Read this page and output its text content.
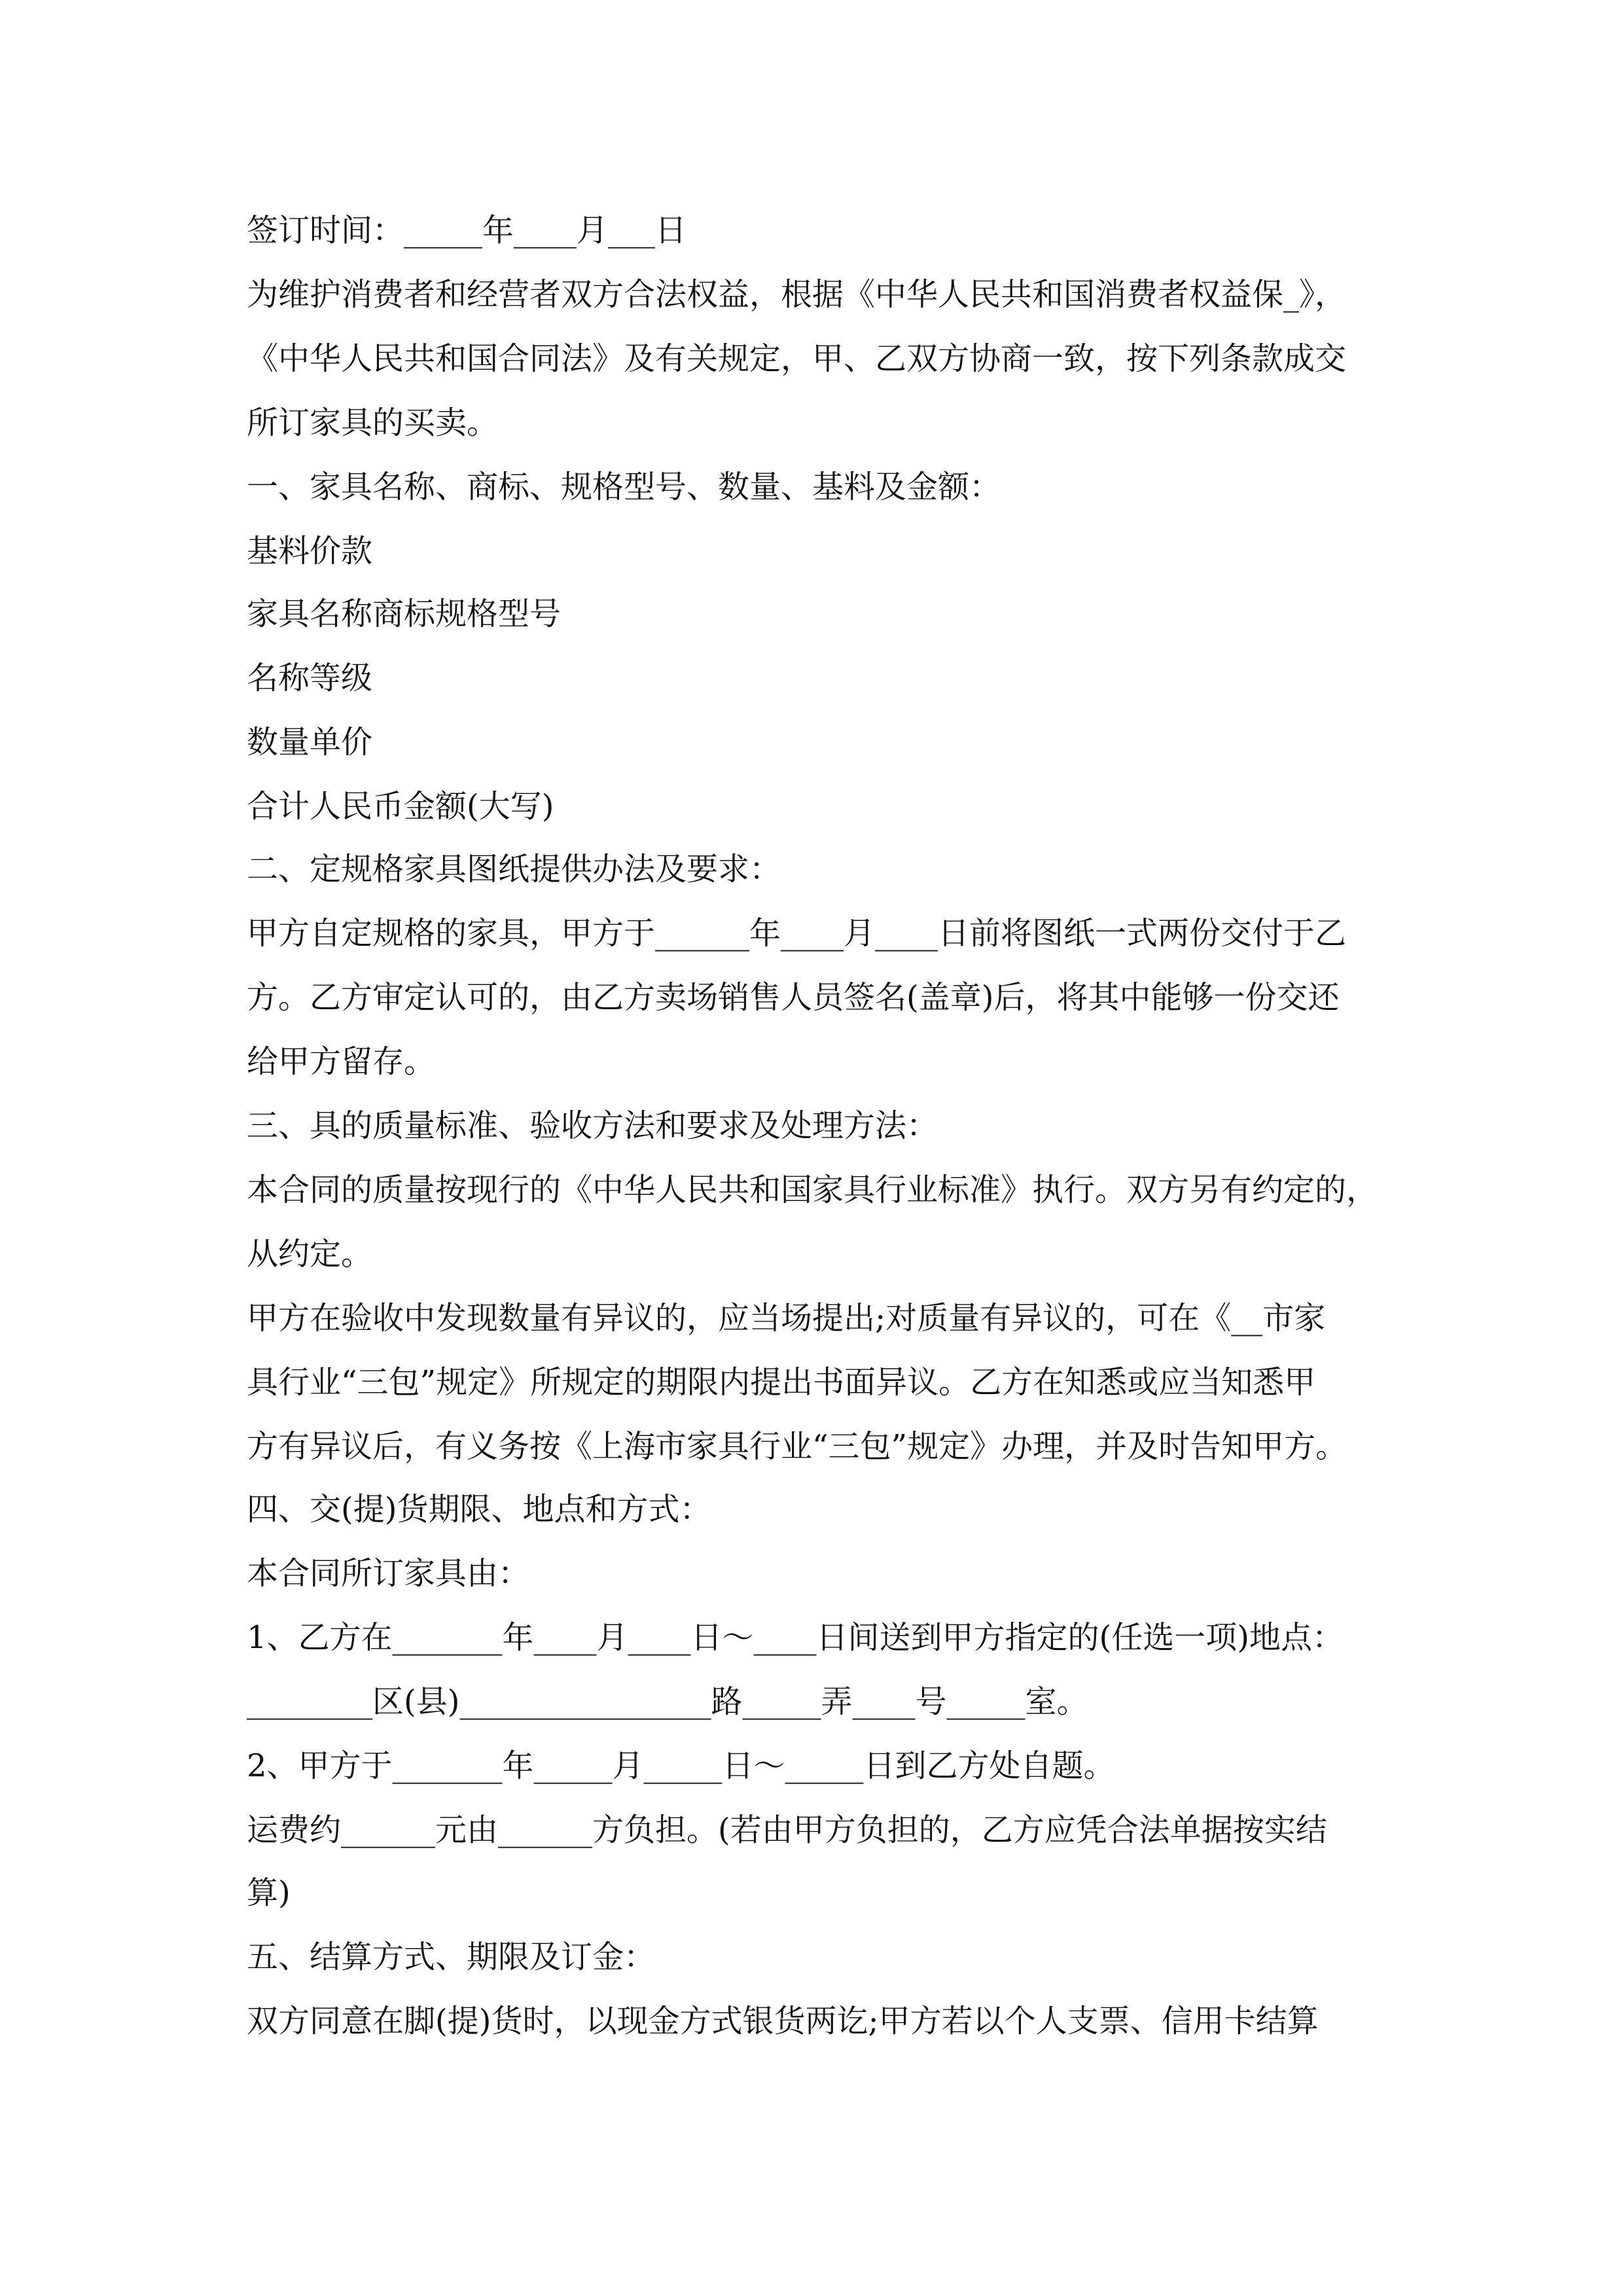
签订时间：_____年____月___日
为维护消费者和经营者双方合法权益，根据《中华人民共和国消费者权益保_》，
《中华人民共和国合同法》及有关规定，甲、乙双方协商一致，按下列条款成交
所订家具的买卖。
一、家具名称、商标、规格型号、数量、基料及金额：
基料价款
家具名称商标规格型号
名称等级
数量单价
合计人民币金额(大写)
二、定规格家具图纸提供办法及要求：
甲方自定规格的家具，甲方于______年____月____日前将图纸一式两份交付于乙
方。乙方审定认可的，由乙方卖场销售人员签名(盖章)后，将其中能够一份交还
给甲方留存。
三、具的质量标准、验收方法和要求及处理方法：
本合同的质量按现行的《中华人民共和国家具行业标准》执行。双方另有约定的，
从约定。
甲方在验收中发现数量有异议的，应当场提出;对质量有异议的，可在《__市家
具行业“三包”规定》所规定的期限内提出书面异议。乙方在知悉或应当知悉甲
方有异议后，有义务按《上海市家具行业“三包”规定》办理，并及时告知甲方。
四、交(提)货期限、地点和方式：
本合同所订家具由：
1、乙方在_______年____月____日～____日间送到甲方指定的(任选一项)地点：
________区(县)________________路_____弄____号_____室。
2、甲方于_______年_____月_____日～_____日到乙方处自题。
运费约______元由______方负担。(若由甲方负担的，乙方应凭合法单据按实结
算)
五、结算方式、期限及订金：
双方同意在脚(提)货时，以现金方式银货两讫;甲方若以个人支票、信用卡结算
